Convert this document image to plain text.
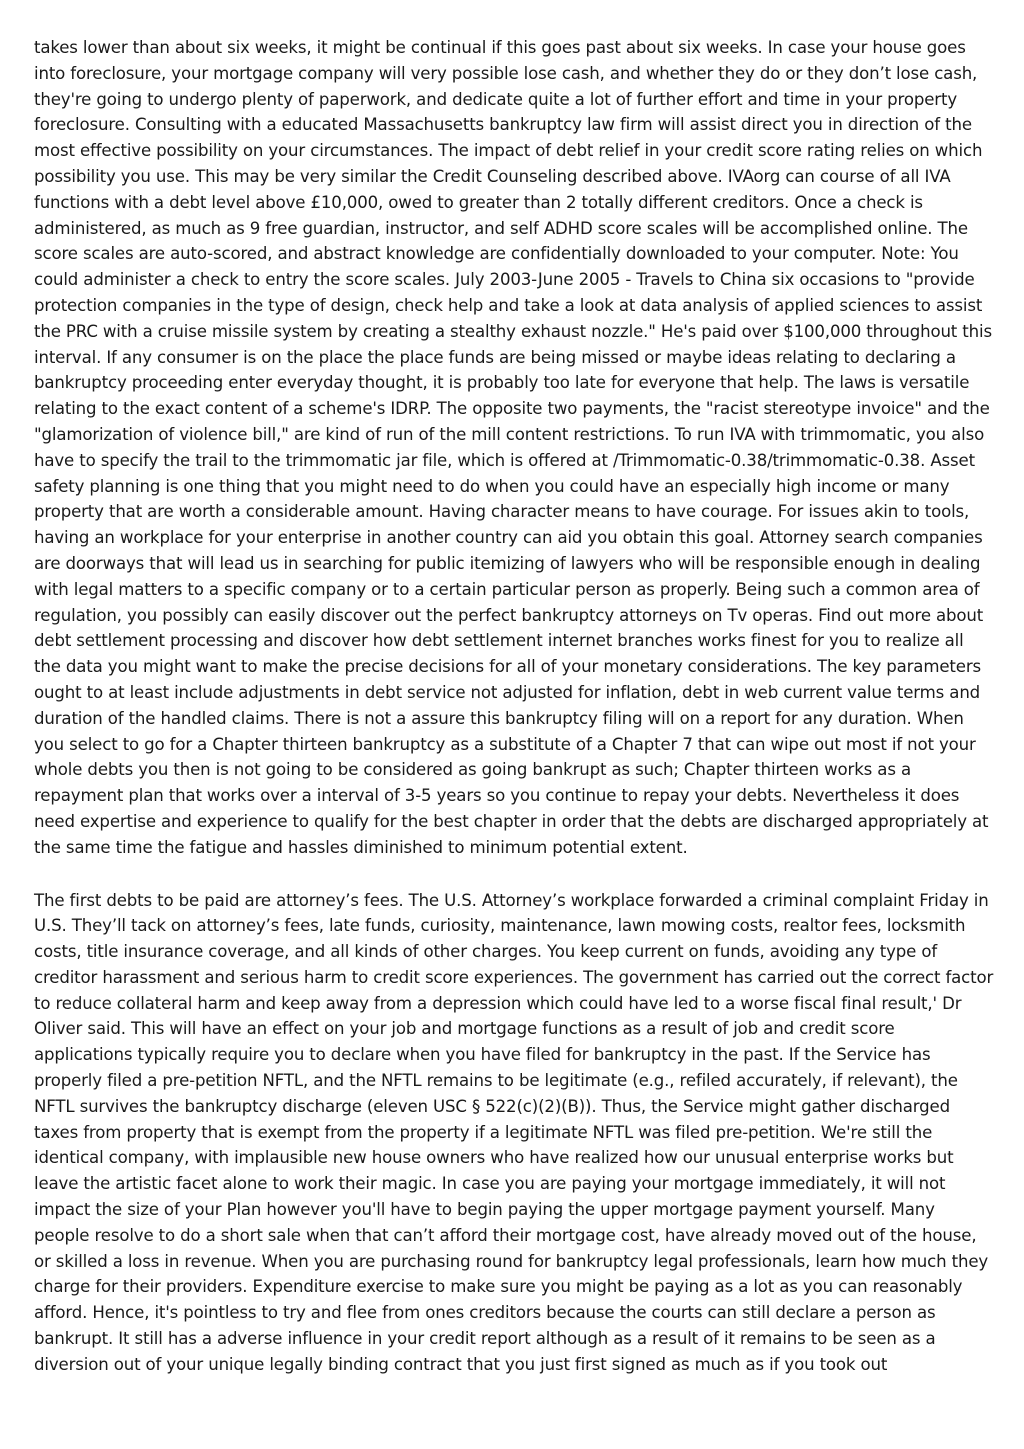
takes lower than about six weeks, it might be continual if this goes past about six weeks. In case your house goes into foreclosure, your mortgage company will very possible lose cash, and whether they do or they don’t lose cash, they're going to undergo plenty of paperwork, and dedicate quite a lot of further effort and time in your property foreclosure. Consulting with a educated Massachusetts bankruptcy law firm will assist direct you in direction of the most effective possibility on your circumstances. The impact of debt relief in your credit score rating relies on which possibility you use. This may be very similar the Credit Counseling described above. IVAorg can course of all IVA functions with a debt level above £10,000, owed to greater than 2 totally different creditors. Once a check is administered, as much as 9 free guardian, instructor, and self ADHD score scales will be accomplished online. The score scales are auto-scored, and abstract knowledge are confidentially downloaded to your computer. Note: You could administer a check to entry the score scales. July 2003-June 2005 - Travels to China six occasions to "provide protection companies in the type of design, check help and take a look at data analysis of applied sciences to assist the PRC with a cruise missile system by creating a stealthy exhaust nozzle." He's paid over $100,000 throughout this interval. If any consumer is on the place the place funds are being missed or maybe ideas relating to declaring a bankruptcy proceeding enter everyday thought, it is probably too late for everyone that help. The laws is versatile relating to the exact content of a scheme's IDRP. The opposite two payments, the "racist stereotype invoice" and the "glamorization of violence bill," are kind of run of the mill content restrictions. To run IVA with trimmomatic, you also have to specify the trail to the trimmomatic jar file, which is offered at /Trimmomatic-0.38/trimmomatic-0.38. Asset safety planning is one thing that you might need to do when you could have an especially high income or many property that are worth a considerable amount. Having character means to have courage. For issues akin to tools, having an workplace for your enterprise in another country can aid you obtain this goal. Attorney search companies are doorways that will lead us in searching for public itemizing of lawyers who will be responsible enough in dealing with legal matters to a specific company or to a certain particular person as properly. Being such a common area of regulation, you possibly can easily discover out the perfect bankruptcy attorneys on Tv operas. Find out more about debt settlement processing and discover how debt settlement internet branches works finest for you to realize all the data you might want to make the precise decisions for all of your monetary considerations. The key parameters ought to at least include adjustments in debt service not adjusted for inflation, debt in web current value terms and duration of the handled claims. There is not a assure this bankruptcy filing will on a report for any duration. When you select to go for a Chapter thirteen bankruptcy as a substitute of a Chapter 7 that can wipe out most if not your whole debts you then is not going to be considered as going bankrupt as such; Chapter thirteen works as a repayment plan that works over a interval of 3-5 years so you continue to repay your debts. Nevertheless it does need expertise and experience to qualify for the best chapter in order that the debts are discharged appropriately at the same time the fatigue and hassles diminished to minimum potential extent.

The first debts to be paid are attorney’s fees. The U.S. Attorney’s workplace forwarded a criminal complaint Friday in U.S. They’ll tack on attorney’s fees, late funds, curiosity, maintenance, lawn mowing costs, realtor fees, locksmith costs, title insurance coverage, and all kinds of other charges. You keep current on funds, avoiding any type of creditor harassment and serious harm to credit score experiences. The government has carried out the correct factor to reduce collateral harm and keep away from a depression which could have led to a worse fiscal final result,' Dr Oliver said. This will have an effect on your job and mortgage functions as a result of job and credit score applications typically require you to declare when you have filed for bankruptcy in the past. If the Service has properly filed a pre-petition NFTL, and the NFTL remains to be legitimate (e.g., refiled accurately, if relevant), the NFTL survives the bankruptcy discharge (eleven USC § 522(c)(2)(B)). Thus, the Service might gather discharged taxes from property that is exempt from the property if a legitimate NFTL was filed pre-petition. We're still the identical company, with implausible new house owners who have realized how our unusual enterprise works but leave the artistic facet alone to work their magic. In case you are paying your mortgage immediately, it will not impact the size of your Plan however you'll have to begin paying the upper mortgage payment yourself. Many people resolve to do a short sale when that can’t afford their mortgage cost, have already moved out of the house, or skilled a loss in revenue. When you are purchasing round for bankruptcy legal professionals, learn how much they charge for their providers. Expenditure exercise to make sure you might be paying as a lot as you can reasonably afford. Hence, it's pointless to try and flee from ones creditors because the courts can still declare a person as bankrupt. It still has a adverse influence in your credit report although as a result of it remains to be seen as a diversion out of your unique legally binding contract that you just first signed as much as if you took out
